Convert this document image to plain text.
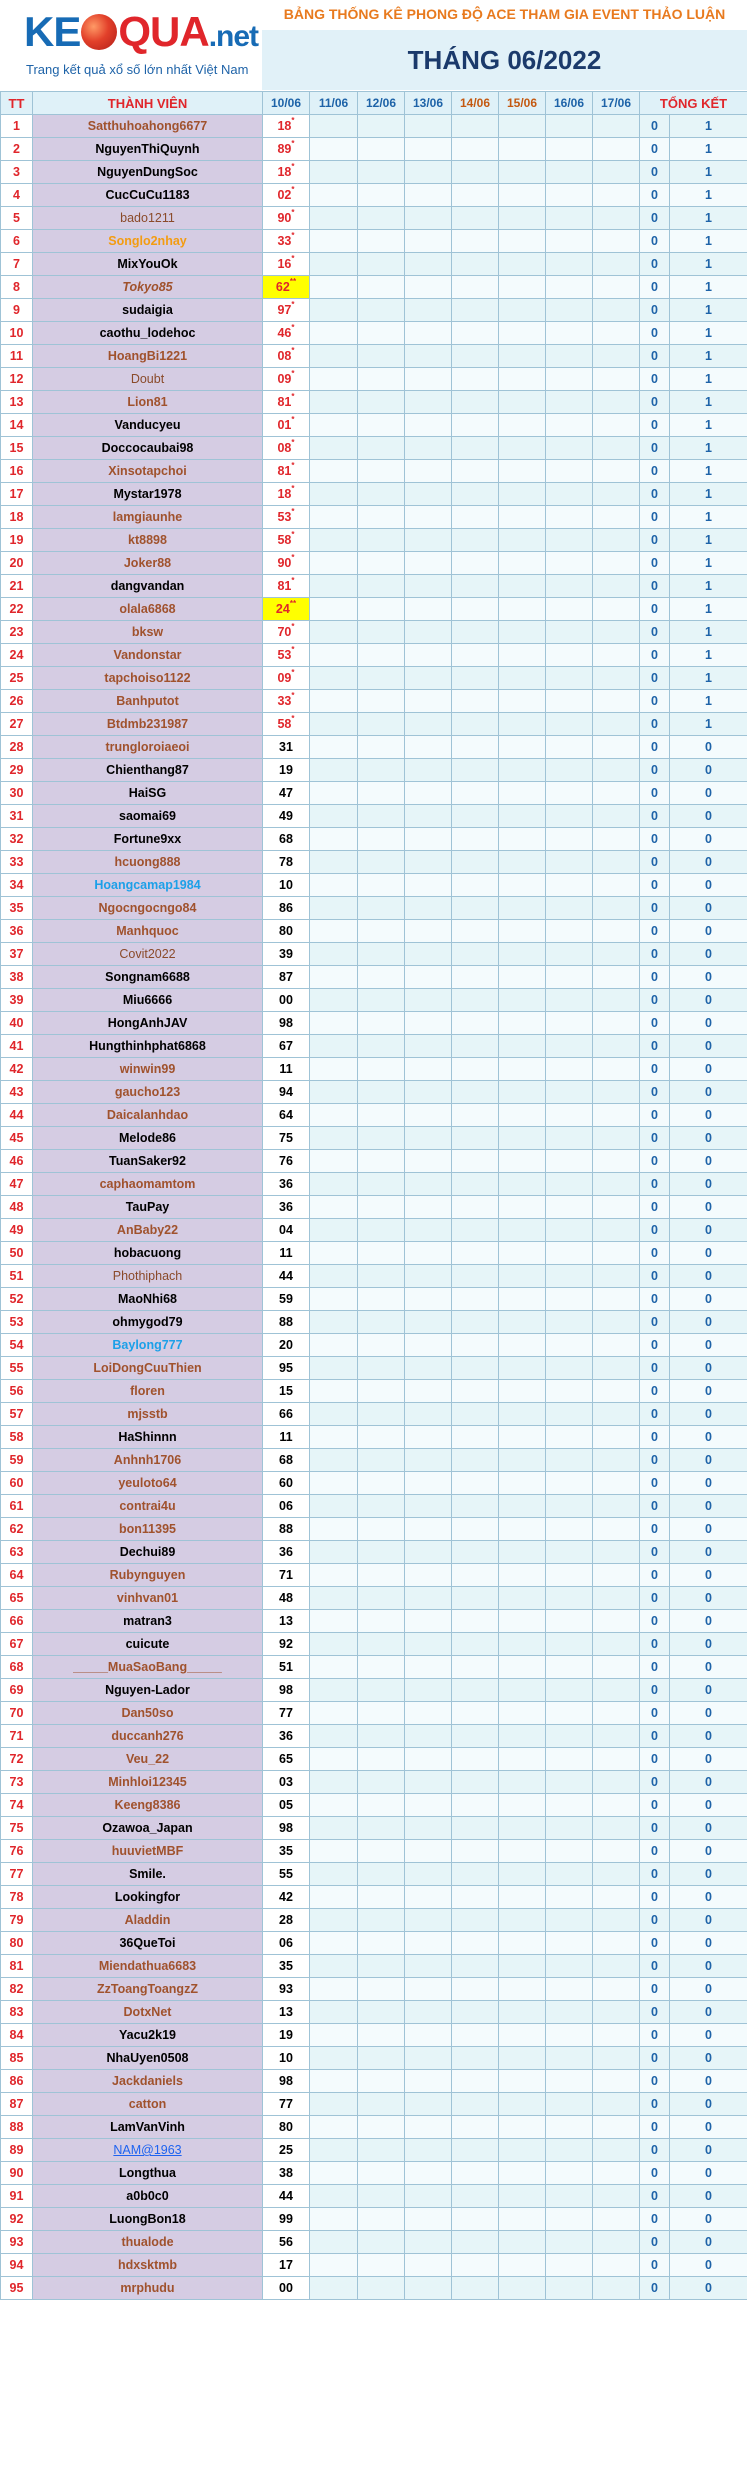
KE QUA.net
Trang kết quả xổ số lớn nhất Việt Nam
BẢNG THỐNG KÊ PHONG ĐỘ ACE THAM GIA EVENT THẢO LUẬN
THÁNG 06/2022
TT	THÀNH VIÊN	10/06	11/06	12/06	13/06	14/06	15/06	16/06	17/06	TỔNG KẾT	
1	Satthuhoahong6677	18*								0	1
2	NguyenThiQuynh	89*								0	1
3	NguyenDungSoc	18*								0	1
4	CucCuCu1183	02*								0	1
5	bado1211	90*								0	1
6	Songlo2nhay	33*								0	1
7	MixYouOk	16*								0	1
8	Tokyo85	62**								0	1
9	sudaigia	97*								0	1
10	caothu_lodehoc	46*								0	1
11	HoangBi1221	08*								0	1
12	Doubt	09*								0	1
13	Lion81	81*								0	1
14	Vanducyeu	01*								0	1
15	Doccocaubai98	08*								0	1
16	Xinsotapchoi	81*								0	1
17	Mystar1978	18*								0	1
18	lamgiaunhe	53*								0	1
19	kt8898	58*								0	1
20	Joker88	90*								0	1
21	dangvandan	81*								0	1
22	olala6868	24**								0	1
23	bksw	70*								0	1
24	Vandonstar	53*								0	1
25	tapchoiso1122	09*								0	1
26	Banhputot	33*								0	1
27	Btdmb231987	58*								0	1
28	trungloroiaeoi	31								0	0
29	Chienthang87	19								0	0
30	HaiSG	47								0	0
31	saomai69	49								0	0
32	Fortune9xx	68								0	0
33	hcuong888	78								0	0
34	Hoangcamap1984	10								0	0
35	Ngocngocngo84	86								0	0
36	Manhquoc	80								0	0
37	Covit2022	39								0	0
38	Songnam6688	87								0	0
39	Miu6666	00								0	0
40	HongAnhJAV	98								0	0
41	Hungthinhphat6868	67								0	0
42	winwin99	11								0	0
43	gaucho123	94								0	0
44	Daicalanhdao	64								0	0
45	Melode86	75								0	0
46	TuanSaker92	76								0	0
47	caphaomamtom	36								0	0
48	TauPay	36								0	0
49	AnBaby22	04								0	0
50	hobacuong	11								0	0
51	Phothiphach	44								0	0
52	MaoNhi68	59								0	0
53	ohmygod79	88								0	0
54	Baylong777	20								0	0
55	LoiDongCuuThien	95								0	0
56	floren	15								0	0
57	mjsstb	66								0	0
58	HaShinnn	11								0	0
59	Anhnh1706	68								0	0
60	yeuloto64	60								0	0
61	contrai4u	06								0	0
62	bon11395	88								0	0
63	Dechui89	36								0	0
64	Rubynguyen	71								0	0
65	vinhvan01	48								0	0
66	matran3	13								0	0
67	cuicute	92								0	0
68	_____MuaSaoBang_____	51								0	0
69	Nguyen-Lador	98								0	0
70	Dan50so	77								0	0
71	duccanh276	36								0	0
72	Veu_22	65								0	0
73	Minhloi12345	03								0	0
74	Keeng8386	05								0	0
75	Ozawoa_Japan	98								0	0
76	huuvietMBF	35								0	0
77	Smile.	55								0	0
78	Lookingfor	42								0	0
79	Aladdin	28								0	0
80	36QueToi	06								0	0
81	Miendathua6683	35								0	0
82	ZzToangToangzZ	93								0	0
83	DotxNet	13								0	0
84	Yacu2k19	19								0	0
85	NhaUyen0508	10								0	0
86	Jackdaniels	98								0	0
87	catton	77								0	0
88	LamVanVinh	80								0	0
89	NAM@1963	25								0	0
90	Longthua	38								0	0
91	a0b0c0	44								0	0
92	LuongBon18	99								0	0
93	thualode	56								0	0
94	hdxsktmb	17								0	0
95	mrphudu	00								0	0
